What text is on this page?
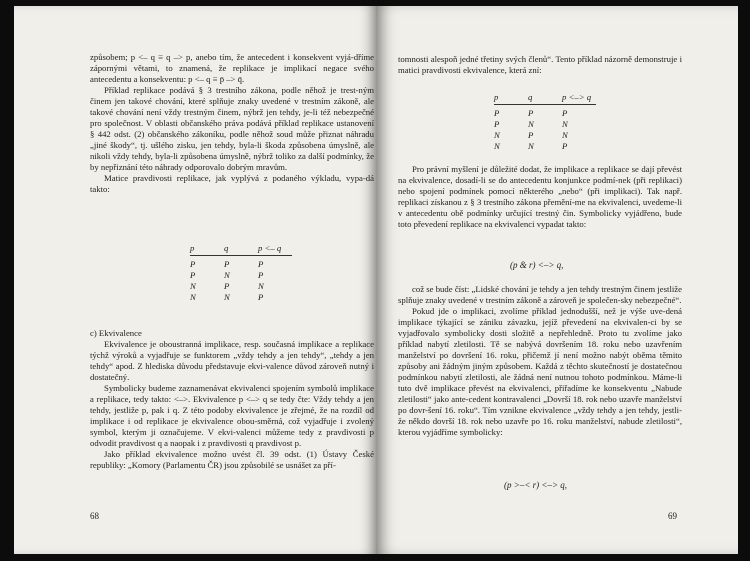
způsobem; p <– q ≡ q –> p, anebo tím, že antecedent i konsekvent vyjá-dříme zápornými větami, to znamená, že replikace je implikací negace svého antecedentu a konsekventu: p <– q ≡ p̄ –> q̄.

Příklad replikace podává § 3 trestního zákona, podle něhož je trest-ným činem jen takové chování, které splňuje znaky uvedené v trestním zákoně, ale takové chování není vždy trestným činem, nýbrž jen tehdy, je-li též nebezpečné pro společnost. V oblasti občanského práva podává příklad replikace ustanovení § 442 odst. (2) občanského zákoníku, podle něhož soud může přiznat náhradu „jiné škody“, tj. ušlého zisku, jen tehdy, byla-li škoda způsobena úmyslně, ale nikoli vždy tehdy, byla-li způsobena úmyslně, nýbrž toliko za další podmínky, že by nepřiznání této náhrady odporovalo dobrým mravům.

Matice pravdivosti replikace, jak vyplývá z podaného výkladu, vypa-dá takto:

p	q	p <– q
P	P	P
P	N	P
N	P	N
N	N	P

c) Ekvivalence

Ekvivalence je oboustranná implikace, resp. současná implikace a replikace týchž výroků a vyjadřuje se funktorem „vždy tehdy a jen tehdy“, „tehdy a jen tehdy“ apod. Z hlediska důvodu představuje ekvi-valence důvod zároveň nutný i dostatečný.

Symbolicky budeme zaznamenávat ekvivalenci spojením symbolů implikace a replikace, tedy takto: <–>. Ekvivalence p <–> q se tedy čte: Vždy tehdy a jen tehdy, jestliže p, pak i q. Z této podoby ekvivalence je zřejmé, že na rozdíl od implikace i od replikace je ekvivalence obou-směrná, což vyjadřuje i zvolený symbol, kterým ji označujeme. V ekvi-valenci můžeme tedy z pravdivosti p odvodit pravdivost q a naopak i z pravdivosti q pravdivost p.

Jako příklad ekvivalence možno uvést čl. 39 odst. (1) Ústavy České republiky: „Komory (Parlamentu ČR) jsou způsobilé se usnášet za pří-

68

tomnosti alespoň jedné třetiny svých členů“. Tento příklad názorně demonstruje i matici pravdivosti ekvivalence, která zní:

p	q	p <–> q
P	P	P
P	N	N
N	P	N
N	N	P

Pro právní myšlení je důležité dodat, že implikace a replikace se dají převést na ekvivalence, dosadí-li se do antecedentu konjunkce podmí-nek (při replikaci) nebo spojení podmínek pomocí některého „nebo“ (při implikaci). Tak např. replikaci získanou z § 3 trestního zákona přemění-me na ekvivalenci, uvedeme-li v antecedentu obě podmínky určující trestný čin. Symbolicky vyjádřeno, bude toto převedení replikace na ekvivalenci vypadat takto:

(p & r) <–> q,

což se bude číst: „Lidské chování je tehdy a jen tehdy trestným činem jestliže splňuje znaky uvedené v trestním zákoně a zároveň je společen-sky nebezpečné“.

Pokud jde o implikaci, zvolíme příklad jednodušší, než je výše uve-dená implikace týkající se zániku závazku, jejíž převedení na ekvivalen-ci by se vyjadřovalo symbolicky dosti složitě a nepřehledně. Proto tu zvolíme jako příklad nabytí zletilosti. Tě se nabývá dovršením 18. roku nebo uzavřením manželství po dovršení 16. roku, přičemž jí není možno nabýt oběma těmito způsoby ani žádným jiným způsobem. Každá z těchto skutečností je dostatečnou podmínkou nabytí zletilosti, ale žádná není nutnou tohoto podmínkou. Máme-li tuto dvě implikace převést na ekvivalenci, přiřadíme ke konsekventu „Nabude zletilosti“ jako ante-cedent kontravalenci „Dovrší 18. rok nebo uzavře manželství po dovr-šení 16. roku“. Tím vznikne ekvivalence „vždy tehdy a jen tehdy, jestli-že někdo dovrší 18. rok nebo uzavře po 16. roku manželství, nabude zletilosti“, kterou vyjádříme symbolicky:

(p >–< r) <–> q,
69
